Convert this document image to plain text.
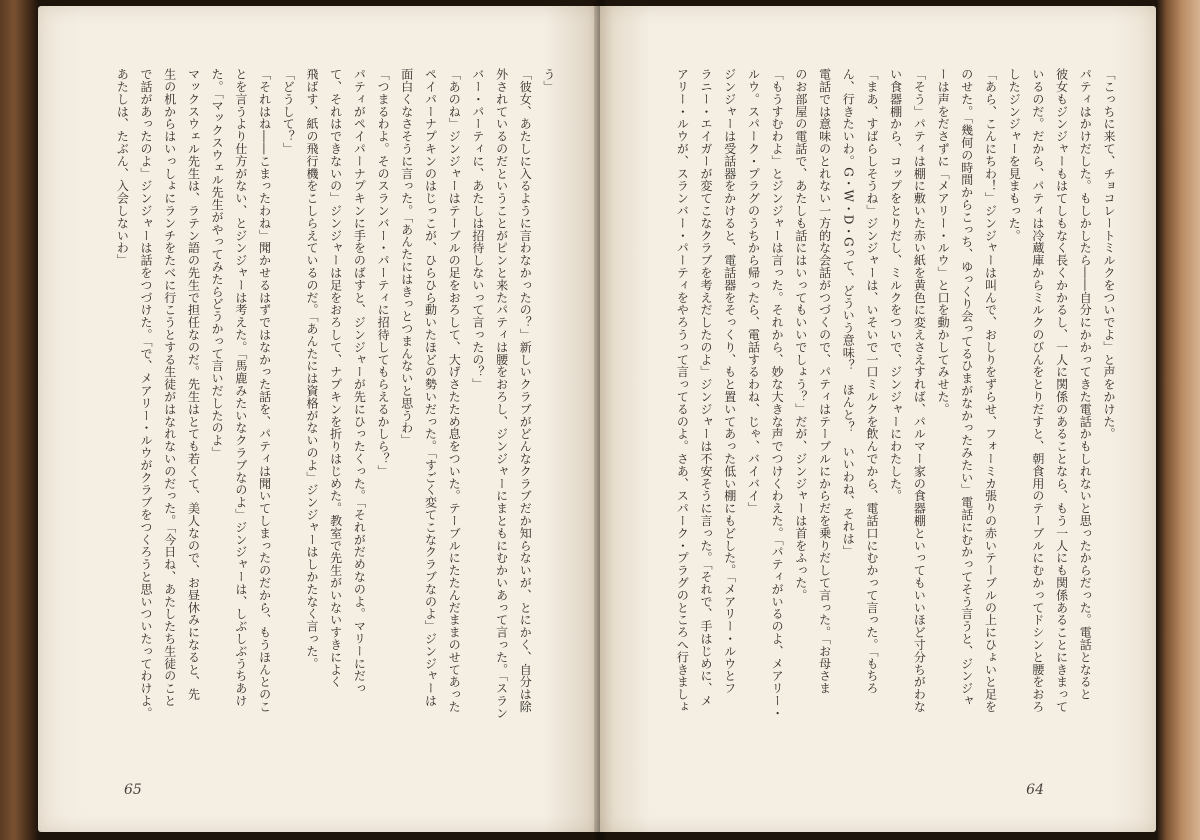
う」
「彼女、あたしに入るように言わなかったの？」新しいクラブがどんなクラブだか知らないが、とにかく、自分は除
外されているのだということがピンと来たパティは腰をおろし、ジンジャーにまともにむかいあって言った。「スラン
バー・パーティに、あたしは招待しないって言ったの？」
「あのね」ジンジャーはテーブルの足をおろして、大げさたため息をついた。テーブルにたたんだままのせてあった
ペイパーナプキンのはじっこが、ひらひら動いたほどの勢いだった。「すごく変てこなクラブなのよ」ジンジャーは
面白くなさそうに言った。「あんたにはきっとつまんないと思うわ」
「つまるわよ。そのスランバー・パーティに招待してもらえるかしら？」
パティがペイパーナプキンに手をのばすと、ジンジャーが先にひったくった。「それがだめなのよ。マリーにだっ
て、それはできないの」ジンジャーは足をおろして、ナプキンを折りはじめた。教室で先生がいないすきによく
飛ばす、紙の飛行機をこしらえているのだ。「あんたには資格がないのよ」ジンジャーはしかたなく言った。
「どうして？」
「それはね――こまったわね」聞かせるはずではなかった話を、パティは聞いてしまったのだから、もうほんとのこ
とを言うより仕方がない、とジンジャーは考えた。「馬鹿みたいなクラブなのよ」ジンジャーは、しぶしぶうちあけ
た。「マックスウェル先生がやってみたらどうかって言いだしたのよ」
マックスウェル先生は、ラテン語の先生で担任なのだ。先生はとても若くて、美人なので、お昼休みになると、先
生の机からはいっしょにランチをたべに行こうとする生徒がはなれないのだった。「今日ね、あたしたち生徒のこと
で話があったのよ」ジンジャーは話をつづけた。「で、メアリー・ルウがクラブをつくろうと思いついたってわけよ。
あたしは、たぶん、入会しないわ」
65
「こっちに来て、チョコレートミルクをついでよ」と声をかけた。
パティはかけだした。もしかしたら――自分にかかってきた電話かもしれないと思ったからだった。電話となると
彼女もジンジャーもはてしもなく長くかかるし、一人に関係のあることなら、もう一人にも関係あることにきまって
いるのだ。だから、パティは冷蔵庫からミルクのびんをとりだすと、朝食用のテーブルにむかってドシンと腰をおろ
したジンジャーを見まもった。
「あら、こんにちわ！」ジンジャーは叫んで、おしりをずらせ、フォーミカ張りの赤いテーブルの上にひょいと足を
のせた。「幾何の時間からこっち、ゆっくり会ってるひまがなかったみたい」電話にむかってそう言うと、ジンジャ
ーは声をださずに「メアリー・ルウ」と口を動かしてみせた。
「そう」パティは棚に敷いた赤い紙を黄色に変えさえすれば、パルマー家の食器棚といってもいいほど寸分ちがわな
い食器棚から、コップをとりだし、ミルクをついで、ジンジャーにわたした。
「まあ、すばらしそうね」ジンジャーは、いそいで一口ミルクを飲んでから、電話口にむかって言った。「もちろ
ん、行きたいわ。G・W・D・Gって、どういう意味？　ほんと？　いいわね、それは」
電話では意味のとれない一方的な会話がつづくので、パティはテーブルにからだを乗りだして言った。「お母さま
のお部屋の電話で、あたしも話にはいってもいいでしょう？」だが、ジンジャーは首をふった。
「もうすむわよ」とジンジャーは言った。それから、妙な大きな声でつけくわえた。「パティがいるのよ、メアリー・
ルウ。スパーク・プラグのうちから帰ったら、電話するわね、じゃ、バイバイ」
ジンジャーは受話器をかけると、電話器をそっくり、もと置いてあった低い棚にもどした。「メアリー・ルウとフ
ラニー・エイガーが変てこなクラブを考えだしたのよ」ジンジャーは不安そうに言った。「それで、手はじめに、メ
アリー・ルウが、スランバー・パーティをやろうって言ってるのよ。さあ、スパーク・プラグのところへ行きましょ
64
